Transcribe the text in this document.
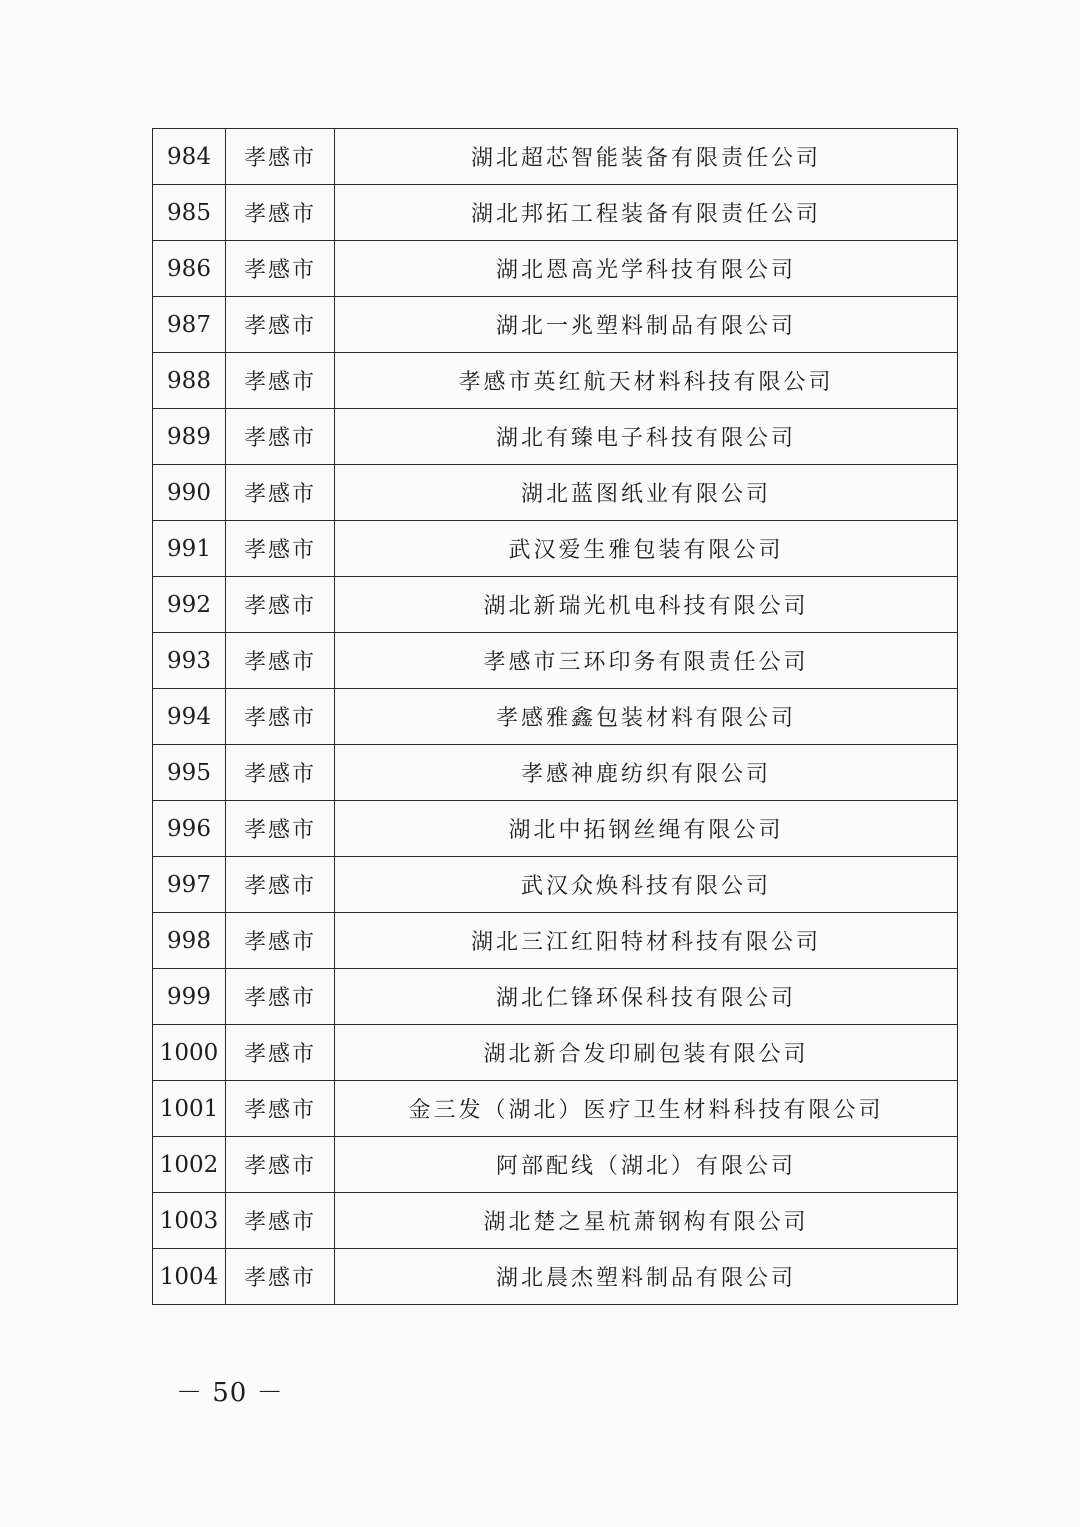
984	孝感市	湖北超芯智能装备有限责任公司
985	孝感市	湖北邦拓工程装备有限责任公司
986	孝感市	湖北恩高光学科技有限公司
987	孝感市	湖北一兆塑料制品有限公司
988	孝感市	孝感市英红航天材料科技有限公司
989	孝感市	湖北有臻电子科技有限公司
990	孝感市	湖北蓝图纸业有限公司
991	孝感市	武汉爱生雅包装有限公司
992	孝感市	湖北新瑞光机电科技有限公司
993	孝感市	孝感市三环印务有限责任公司
994	孝感市	孝感雅鑫包装材料有限公司
995	孝感市	孝感神鹿纺织有限公司
996	孝感市	湖北中拓钢丝绳有限公司
997	孝感市	武汉众焕科技有限公司
998	孝感市	湖北三江红阳特材科技有限公司
999	孝感市	湖北仁锋环保科技有限公司
1000	孝感市	湖北新合发印刷包装有限公司
1001	孝感市	金三发（湖北）医疗卫生材料科技有限公司
1002	孝感市	阿部配线（湖北）有限公司
1003	孝感市	湖北楚之星杭萧钢构有限公司
1004	孝感市	湖北晨杰塑料制品有限公司
－ 50 －
